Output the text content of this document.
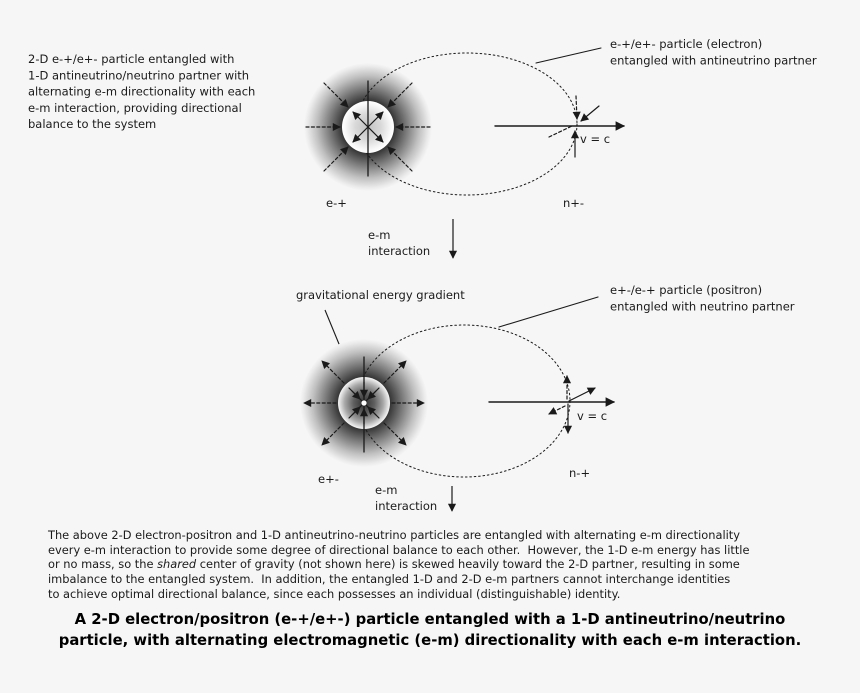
2-D e-+/e+- particle entangled with
1-D antineutrino/neutrino partner with
alternating e-m directionality with each
e-m interaction, providing directional
balance to the system
e-+/e+- particle (electron)
entangled with antineutrino partner
e-+	n+-
v = c
e-m
interaction
gravitational energy gradient	e+-/e-+ particle (positron)
entangled with neutrino partner
e+-	n-+
v = c
e-m
interaction
The above 2-D electron-positron and 1-D antineutrino-neutrino particles are entangled with alternating e-m directionality
every e-m interaction to provide some degree of directional balance to each other.  However, the 1-D e-m energy has little
or no mass, so the shared center of gravity (not shown here) is skewed heavily toward the 2-D partner, resulting in some
imbalance to the entangled system.  In addition, the entangled 1-D and 2-D e-m partners cannot interchange identities
to achieve optimal directional balance, since each possesses an individual (distinguishable) identity.
A 2-D electron/positron (e-+/e+-) particle entangled with a 1-D antineutrino/neutrino
particle, with alternating electromagnetic (e-m) directionality with each e-m interaction.
